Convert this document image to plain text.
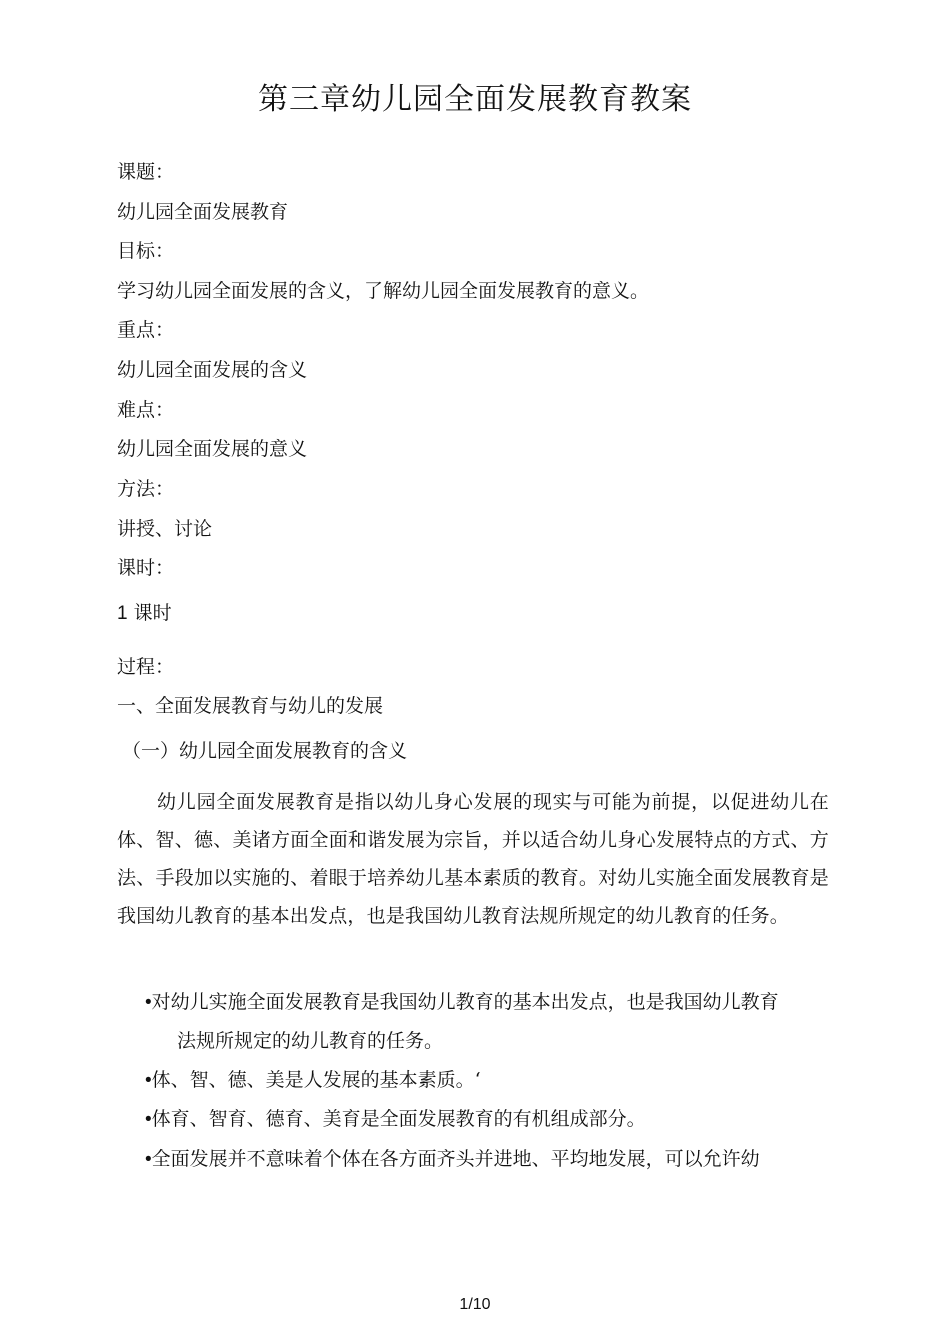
第三章幼儿园全面发展教育教案
课题：
幼儿园全面发展教育
目标：
学习幼儿园全面发展的含义，了解幼儿园全面发展教育的意义。
重点：
幼儿园全面发展的含义
难点：
幼儿园全面发展的意义
方法：
讲授、讨论
课时：
1 课时
过程：
一、全面发展教育与幼儿的发展
（一）幼儿园全面发展教育的含义
幼儿园全面发展教育是指以幼儿身心发展的现实与可能为前提，以促进幼儿在体、智、德、美诸方面全面和谐发展为宗旨，并以适合幼儿身心发展特点的方式、方法、手段加以实施的、着眼于培养幼儿基本素质的教育。对幼儿实施全面发展教育是我国幼儿教育的基本出发点，也是我国幼儿教育法规所规定的幼儿教育的任务。
•对幼儿实施全面发展教育是我国幼儿教育的基本出发点，也是我国幼儿教育
法规所规定的幼儿教育的任务。
•体、智、德、美是人发展的基本素质。‘
•体育、智育、德育、美育是全面发展教育的有机组成部分。
•全面发展并不意味着个体在各方面齐头并进地、平均地发展，可以允许幼
1/10
